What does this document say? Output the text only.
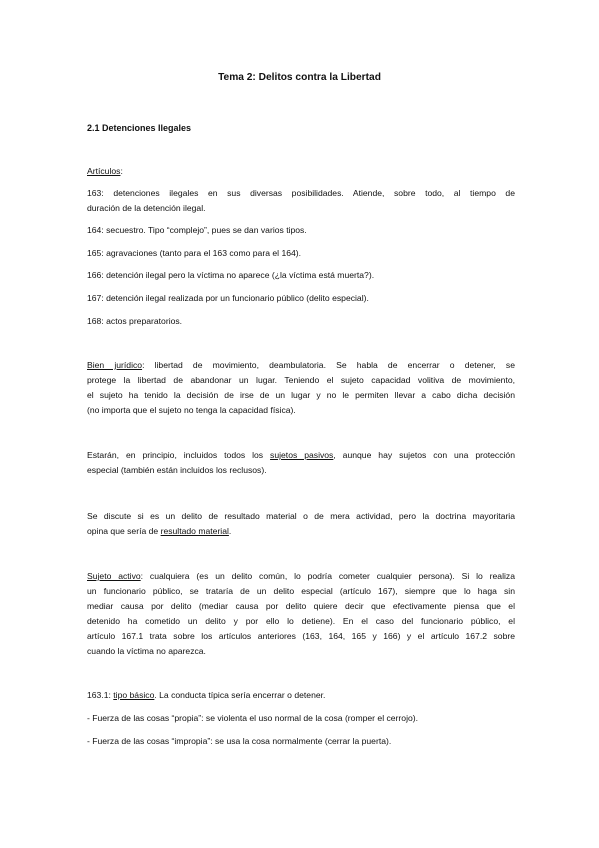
Tema 2: Delitos contra la Libertad
2.1 Detenciones Ilegales
Artículos:
163: detenciones ilegales en sus diversas posibilidades. Atiende, sobre todo, al tiempo de
duración de la detención ilegal.
164: secuestro. Tipo “complejo”, pues se dan varios tipos.
165: agravaciones (tanto para el 163 como para el 164).
166: detención ilegal pero la víctima no aparece (¿la víctima está muerta?).
167: detención ilegal realizada por un funcionario público (delito especial).
168: actos preparatorios.
Bien jurídico: libertad de movimiento, deambulatoria. Se habla de encerrar o detener, se
protege la libertad de abandonar un lugar. Teniendo el sujeto capacidad volitiva de movimiento,
el sujeto ha tenido la decisión de irse de un lugar y no le permiten llevar a cabo dicha decisión
(no importa que el sujeto no tenga la capacidad física).
Estarán, en principio, incluidos todos los sujetos pasivos, aunque hay sujetos con una protección
especial (también están incluidos los reclusos).
Se discute si es un delito de resultado material o de mera actividad, pero la doctrina mayoritaria
opina que sería de resultado material.
Sujeto activo: cualquiera (es un delito común, lo podría cometer cualquier persona). Si lo realiza
un funcionario público, se trataría de un delito especial (artículo 167), siempre que lo haga sin
mediar causa por delito (mediar causa por delito quiere decir que efectivamente piensa que el
detenido ha cometido un delito y por ello lo detiene). En el caso del funcionario público, el
artículo 167.1 trata sobre los artículos anteriores (163, 164, 165 y 166) y el artículo 167.2 sobre
cuando la víctima no aparezca.
163.1: tipo básico. La conducta típica sería encerrar o detener.
- Fuerza de las cosas “propia”: se violenta el uso normal de la cosa (romper el cerrojo).
- Fuerza de las cosas “impropia”: se usa la cosa normalmente (cerrar la puerta).
